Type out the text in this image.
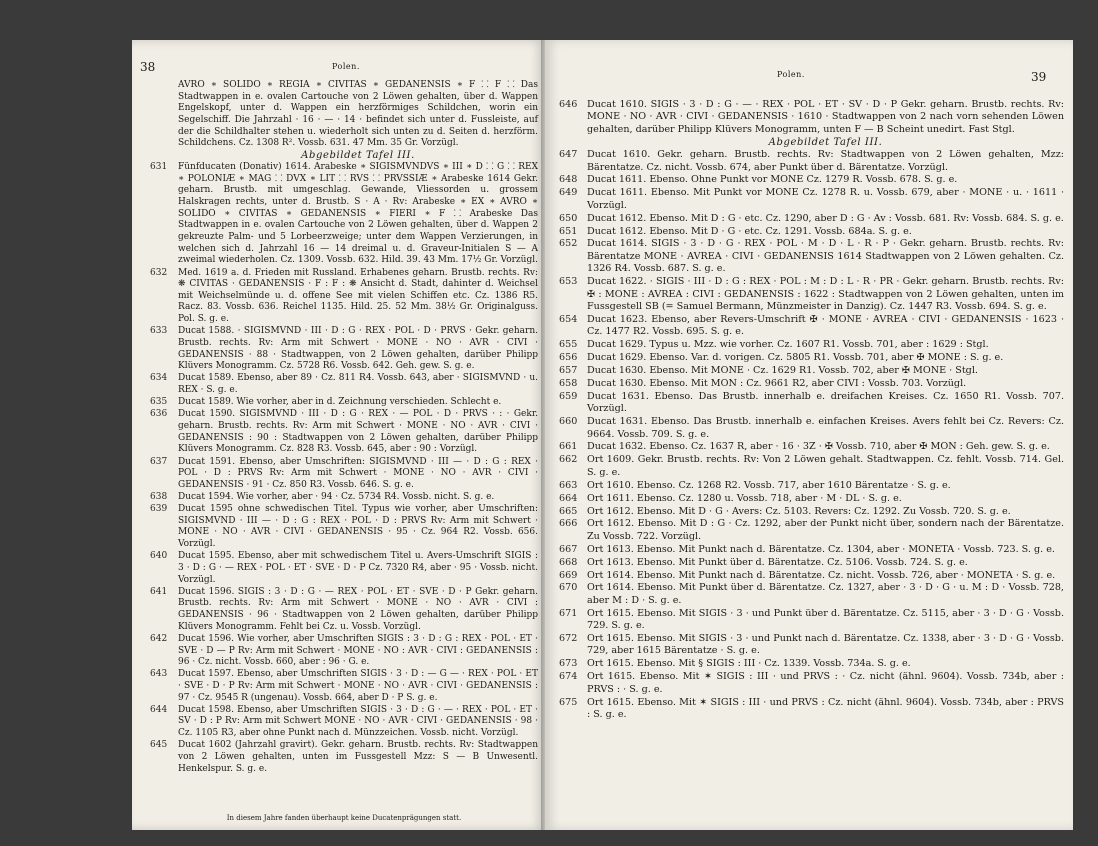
38	Polen.
AVRO ∗ SOLIDO ∗ REGIA ∗ CIVITAS ∗ GEDANENSIS ∗ F ⸬ F ⸬ Das Stadtwappen in e. ovalen Cartouche von 2 Löwen gehalten, über d. Wappen Engelskopf, unter d. Wappen ein herzförmiges Schildchen, worin ein Segelschiff. Die Jahrzahl · 16 · — · 14 · befindet sich unter d. Fussleiste, auf der die Schildhalter stehen u. wiederholt sich unten zu d. Seiten d. herzförm. Schildchens. Cz. 1308 R². Vossb. 631. 47 Mm. 35 Gr. Vorzügl.
Abgebildet Tafel III.
631	Fünfducaten (Donativ) 1614. Arabeske ∗ SIGISMVNDVS ∗ III ∗ D ⸬ G ⸬ REX ∗ POLONIÆ ∗ MAG ⸬ DVX ∗ LIT ⸬ RVS ⸬ PRVSSIÆ ∗ Arabeske 1614 Gekr. geharn. Brustb. mit umgeschlag. Gewande, Vliessorden u. grossem Halskragen rechts, unter d. Brustb. S · A · Rv: Arabeske ∗ EX ∗ AVRO ∗ SOLIDO ∗ CIVITAS ∗ GEDANENSIS ∗ FIERI ∗ F ⸬ Arabeske Das Stadtwappen in e. ovalen Cartouche von 2 Löwen gehalten, über d. Wappen 2 gekreuzte Palm- und 5 Lorbeerzweige; unter dem Wappen Verzierungen, in welchen sich d. Jahrzahl 16 — 14 dreimal u. d. Graveur-Initialen S — A zweimal wiederholen. Cz. 1309. Vossb. 632. Hild. 39. 43 Mm. 17½ Gr. Vorzügl.
632	Med. 1619 a. d. Frieden mit Russland. Erhabenes geharn. Brustb. rechts. Rv: ❋ CIVITAS · GEDANENSIS · F : F : ❋ Ansicht d. Stadt, dahinter d. Weichsel mit Weichselmünde u. d. offene See mit vielen Schiffen etc. Cz. 1386 R5. Racz. 83. Vossb. 636. Reichel 1135. Hild. 25. 52 Mm. 38½ Gr. Originalguss. Pol. S. g. e.
633	Ducat 1588. · SIGISMVND · III · D : G · REX · POL · D · PRVS · Gekr. geharn. Brustb. rechts. Rv: Arm mit Schwert · MONE · NO · AVR · CIVI · GEDANENSIS · 88 · Stadtwappen, von 2 Löwen gehalten, darüber Philipp Klüvers Monogramm. Cz. 5728 R6. Vossb. 642. Geh. gew. S. g. e.
634	Ducat 1589. Ebenso, aber 89 · Cz. 811 R4. Vossb. 643, aber · SIGISMVND · u. REX · S. g. e.
635	Ducat 1589. Wie vorher, aber in d. Zeichnung verschieden. Schlecht e.
636	Ducat 1590. SIGISMVND · III · D : G · REX · — POL · D · PRVS · : · Gekr. geharn. Brustb. rechts. Rv: Arm mit Schwert · MONE · NO · AVR · CIVI · GEDANENSIS : 90 : Stadtwappen von 2 Löwen gehalten, darüber Philipp Klüvers Monogramm. Cz. 828 R3. Vossb. 645, aber : 90 : Vorzügl.
637	Ducat 1591. Ebenso, aber Umschriften: SIGISMVND · III — · D : G : REX · POL · D : PRVS Rv: Arm mit Schwert · MONE · NO · AVR · CIVI · GEDANENSIS · 91 · Cz. 850 R3. Vossb. 646. S. g. e.
638	Ducat 1594. Wie vorher, aber · 94 · Cz. 5734 R4. Vossb. nicht. S. g. e.
639	Ducat 1595 ohne schwedischen Titel. Typus wie vorher, aber Umschriften: SIGISMVND · III — · D : G : REX · POL · D : PRVS Rv: Arm mit Schwert · MONE · NO · AVR · CIVI · GEDANENSIS · 95 · Cz. 964 R2. Vossb. 656. Vorzügl.
640	Ducat 1595. Ebenso, aber mit schwedischem Titel u. Avers-Umschrift SIGIS : 3 · D : G · — REX · POL · ET · SVE · D · P Cz. 7320 R4, aber · 95 · Vossb. nicht. Vorzügl.
641	Ducat 1596. SIGIS : 3 · D : G · — REX · POL · ET · SVE · D · P Gekr. geharn. Brustb. rechts. Rv: Arm mit Schwert · MONE · NO · AVR · CIVI : GEDANENSIS · 96 · Stadtwappen von 2 Löwen gehalten, darüber Philipp Klüvers Monogramm. Fehlt bei Cz. u. Vossb. Vorzügl.
642	Ducat 1596. Wie vorher, aber Umschriften SIGIS : 3 · D : G : REX · POL · ET · SVE · D — P Rv: Arm mit Schwert · MONE · NO : AVR · CIVI : GEDANENSIS : 96 · Cz. nicht. Vossb. 660, aber : 96 · G. e.
643	Ducat 1597. Ebenso, aber Umschriften SIGIS · 3 · D : — G — · REX · POL · ET · SVE · D · P Rv: Arm mit Schwert · MONE · NO · AVR · CIVI · GEDANENSIS : 97 · Cz. 9545 R (ungenau). Vossb. 664, aber D · P S. g. e.
644	Ducat 1598. Ebenso, aber Umschriften SIGIS · 3 · D : G · — · REX · POL · ET · SV · D : P Rv: Arm mit Schwert MONE · NO · AVR · CIVI · GEDANENSIS · 98 · Cz. 1105 R3, aber ohne Punkt nach d. Münzzeichen. Vossb. nicht. Vorzügl.
645	Ducat 1602 (Jahrzahl gravirt). Gekr. geharn. Brustb. rechts. Rv: Stadtwappen von 2 Löwen gehalten, unten im Fussgestell Mzz: S — B Unwesentl. Henkelspur. S. g. e.
In diesem Jahre fanden überhaupt keine Ducatenprägungen statt.
Polen.	39
646	Ducat 1610. SIGIS · 3 · D : G · — · REX · POL · ET · SV · D · P Gekr. geharn. Brustb. rechts. Rv: MONE · NO · AVR · CIVI · GEDANENSIS · 1610 · Stadtwappen von 2 nach vorn sehenden Löwen gehalten, darüber Philipp Klüvers Monogramm, unten F — B Scheint unedirt. Fast Stgl.
Abgebildet Tafel III.
647	Ducat 1610. Gekr. geharn. Brustb. rechts. Rv: Stadtwappen von 2 Löwen gehalten, Mzz: Bärentatze. Cz. nicht. Vossb. 674, aber Punkt über d. Bärentatze. Vorzügl.
648	Ducat 1611. Ebenso. Ohne Punkt vor MONE Cz. 1279 R. Vossb. 678. S. g. e.
649	Ducat 1611. Ebenso. Mit Punkt vor MONE Cz. 1278 R. u. Vossb. 679, aber · MONE · u. · 1611 · Vorzügl.
650	Ducat 1612. Ebenso. Mit D : G · etc. Cz. 1290, aber D : G · Av : Vossb. 681. Rv: Vossb. 684. S. g. e.
651	Ducat 1612. Ebenso. Mit D · G · etc. Cz. 1291. Vossb. 684a. S. g. e.
652	Ducat 1614. SIGIS · 3 · D · G · REX · POL · M · D · L · R · P · Gekr. geharn. Brustb. rechts. Rv: Bärentatze MONE · AVREA · CIVI · GEDANENSIS 1614 Stadtwappen von 2 Löwen gehalten. Cz. 1326 R4. Vossb. 687. S. g. e.
653	Ducat 1622. · SIGIS · III · D : G : REX · POL : M : D : L · R · PR · Gekr. geharn. Brustb. rechts. Rv: ✠ : MONE : AVREA : CIVI : GEDANENSIS : 1622 : Stadtwappen von 2 Löwen gehalten, unten im Fussgestell SB (= Samuel Bermann, Münzmeister in Danzig). Cz. 1447 R3. Vossb. 694. S. g. e.
654	Ducat 1623. Ebenso, aber Revers-Umschrift ✠ · MONE · AVREA · CIVI · GEDANENSIS · 1623 · Cz. 1477 R2. Vossb. 695. S. g. e.
655	Ducat 1629. Typus u. Mzz. wie vorher. Cz. 1607 R1. Vossb. 701, aber : 1629 : Stgl.
656	Ducat 1629. Ebenso. Var. d. vorigen. Cz. 5805 R1. Vossb. 701, aber ✠ MONE : S. g. e.
657	Ducat 1630. Ebenso. Mit MONE · Cz. 1629 R1. Vossb. 702, aber ✠ MONE · Stgl.
658	Ducat 1630. Ebenso. Mit MON : Cz. 9661 R2, aber CIVI : Vossb. 703. Vorzügl.
659	Ducat 1631. Ebenso. Das Brustb. innerhalb e. dreifachen Kreises. Cz. 1650 R1. Vossb. 707. Vorzügl.
660	Ducat 1631. Ebenso. Das Brustb. innerhalb e. einfachen Kreises. Avers fehlt bei Cz. Revers: Cz. 9664. Vossb. 709. S. g. e.
661	Ducat 1632. Ebenso. Cz. 1637 R, aber · 16 · 3Z · ✠ Vossb. 710, aber ✠ MON : Geh. gew. S. g. e.
662	Ort 1609. Gekr. Brustb. rechts. Rv: Von 2 Löwen gehalt. Stadtwappen. Cz. fehlt. Vossb. 714. Gel. S. g. e.
663	Ort 1610. Ebenso. Cz. 1268 R2. Vossb. 717, aber 1610 Bärentatze · S. g. e.
664	Ort 1611. Ebenso. Cz. 1280 u. Vossb. 718, aber · M · DL · S. g. e.
665	Ort 1612. Ebenso. Mit D · G · Avers: Cz. 5103. Revers: Cz. 1292. Zu Vossb. 720. S. g. e.
666	Ort 1612. Ebenso. Mit D : G · Cz. 1292, aber der Punkt nicht über, sondern nach der Bärentatze. Zu Vossb. 722. Vorzügl.
667	Ort 1613. Ebenso. Mit Punkt nach d. Bärentatze. Cz. 1304, aber · MONETA · Vossb. 723. S. g. e.
668	Ort 1613. Ebenso. Mit Punkt über d. Bärentatze. Cz. 5106. Vossb. 724. S. g. e.
669	Ort 1614. Ebenso. Mit Punkt nach d. Bärentatze. Cz. nicht. Vossb. 726, aber · MONETA · S. g. e.
670	Ort 1614. Ebenso. Mit Punkt über d. Bärentatze. Cz. 1327, aber · 3 · D · G · u. M : D · Vossb. 728, aber M : D · S. g. e.
671	Ort 1615. Ebenso. Mit SIGIS · 3 · und Punkt über d. Bärentatze. Cz. 5115, aber · 3 · D · G · Vossb. 729. S. g. e.
672	Ort 1615. Ebenso. Mit SIGIS · 3 · und Punkt nach d. Bärentatze. Cz. 1338, aber · 3 · D · G · Vossb. 729, aber 1615 Bärentatze · S. g. e.
673	Ort 1615. Ebenso. Mit § SIGIS : III · Cz. 1339. Vossb. 734a. S. g. e.
674	Ort 1615. Ebenso. Mit ✶ SIGIS : III · und PRVS : · Cz. nicht (ähnl. 9604). Vossb. 734b, aber : PRVS : · S. g. e.
675	Ort 1615. Ebenso. Mit ✶ SIGIS : III · und PRVS : Cz. nicht (ähnl. 9604). Vossb. 734b, aber : PRVS : S. g. e.
